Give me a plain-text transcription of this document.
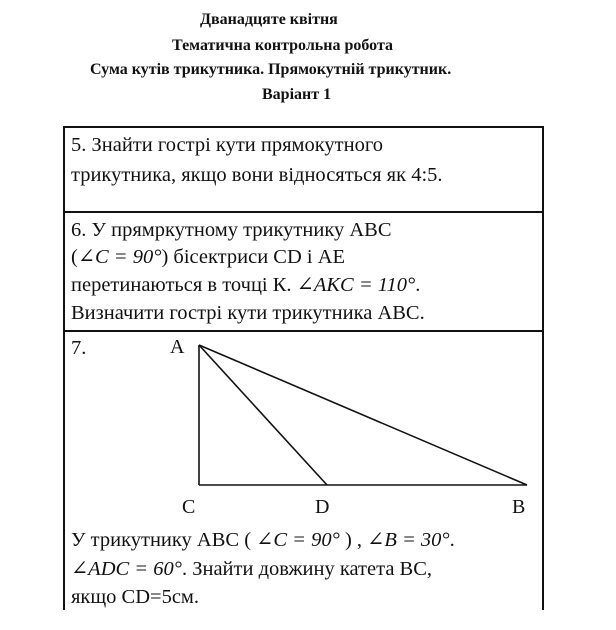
Дванадцяте квітня
Тематична контрольна робота
Сума кутів трикутника. Прямокутній трикутник.
Варіант 1
5. Знайти гострі кути прямокутного
трикутника, якщо вони відносяться як 4:5.
6. У прямркутному трикутнику АВС
(∠C = 90°) бісектриси CD і AE
перетинаються в точці К. ∠AKC = 110°.
Визначити гострі кути трикутника АВС.
7.	A
C	D	B
У трикутнику АВС ( ∠C = 90° ) , ∠B = 30°.
∠ADC = 60°. Знайти довжину катета ВС,
якщо CD=5см.
